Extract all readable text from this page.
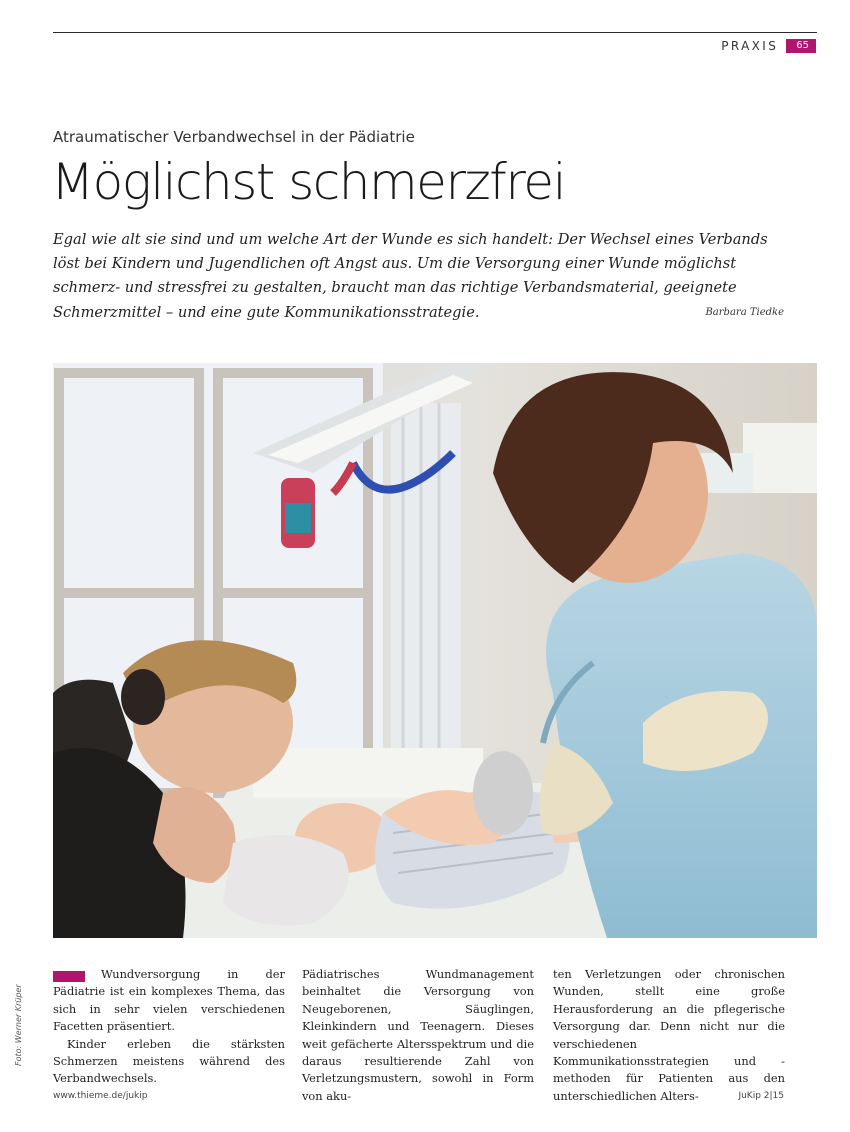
PRAXIS	65
Atraumatischer Verbandwechsel in der Pädiatrie
Möglichst schmerzfrei

Egal wie alt sie sind und um welche Art der Wunde es sich handelt: Der Wechsel eines Verbands löst bei Kindern und Jugendlichen oft Angst aus. Um die Versorgung einer Wunde möglichst schmerz- und stressfrei zu gestalten, braucht man das richtige Verbandsmaterial, geeignete Schmerzmittel – und eine gute Kommunikationsstrategie.	Barbara Tiedke
Foto: Werner Krüper

Wundversorgung in der Pädiatrie ist ein komplexes Thema, das sich in sehr vielen verschiedenen Facetten präsentiert.

Kinder erleben die stärksten Schmerzen meistens während des Verbandwechsels.

Pädiatrisches Wundmanagement beinhaltet die Versorgung von Neugeborenen, Säuglingen, Kleinkindern und Teenagern. Dieses weit gefächerte Altersspektrum und die daraus resultierende Zahl von Verletzungsmustern, sowohl in Form von aku-

ten Verletzungen oder chronischen Wunden, stellt eine große Herausforderung an die pflegerische Versorgung dar. Denn nicht nur die verschiedenen Kommunikationsstrategien und -methoden für Patienten aus den unterschiedlichen Alters-

www.thieme.de/jukip	JuKip 2|15
